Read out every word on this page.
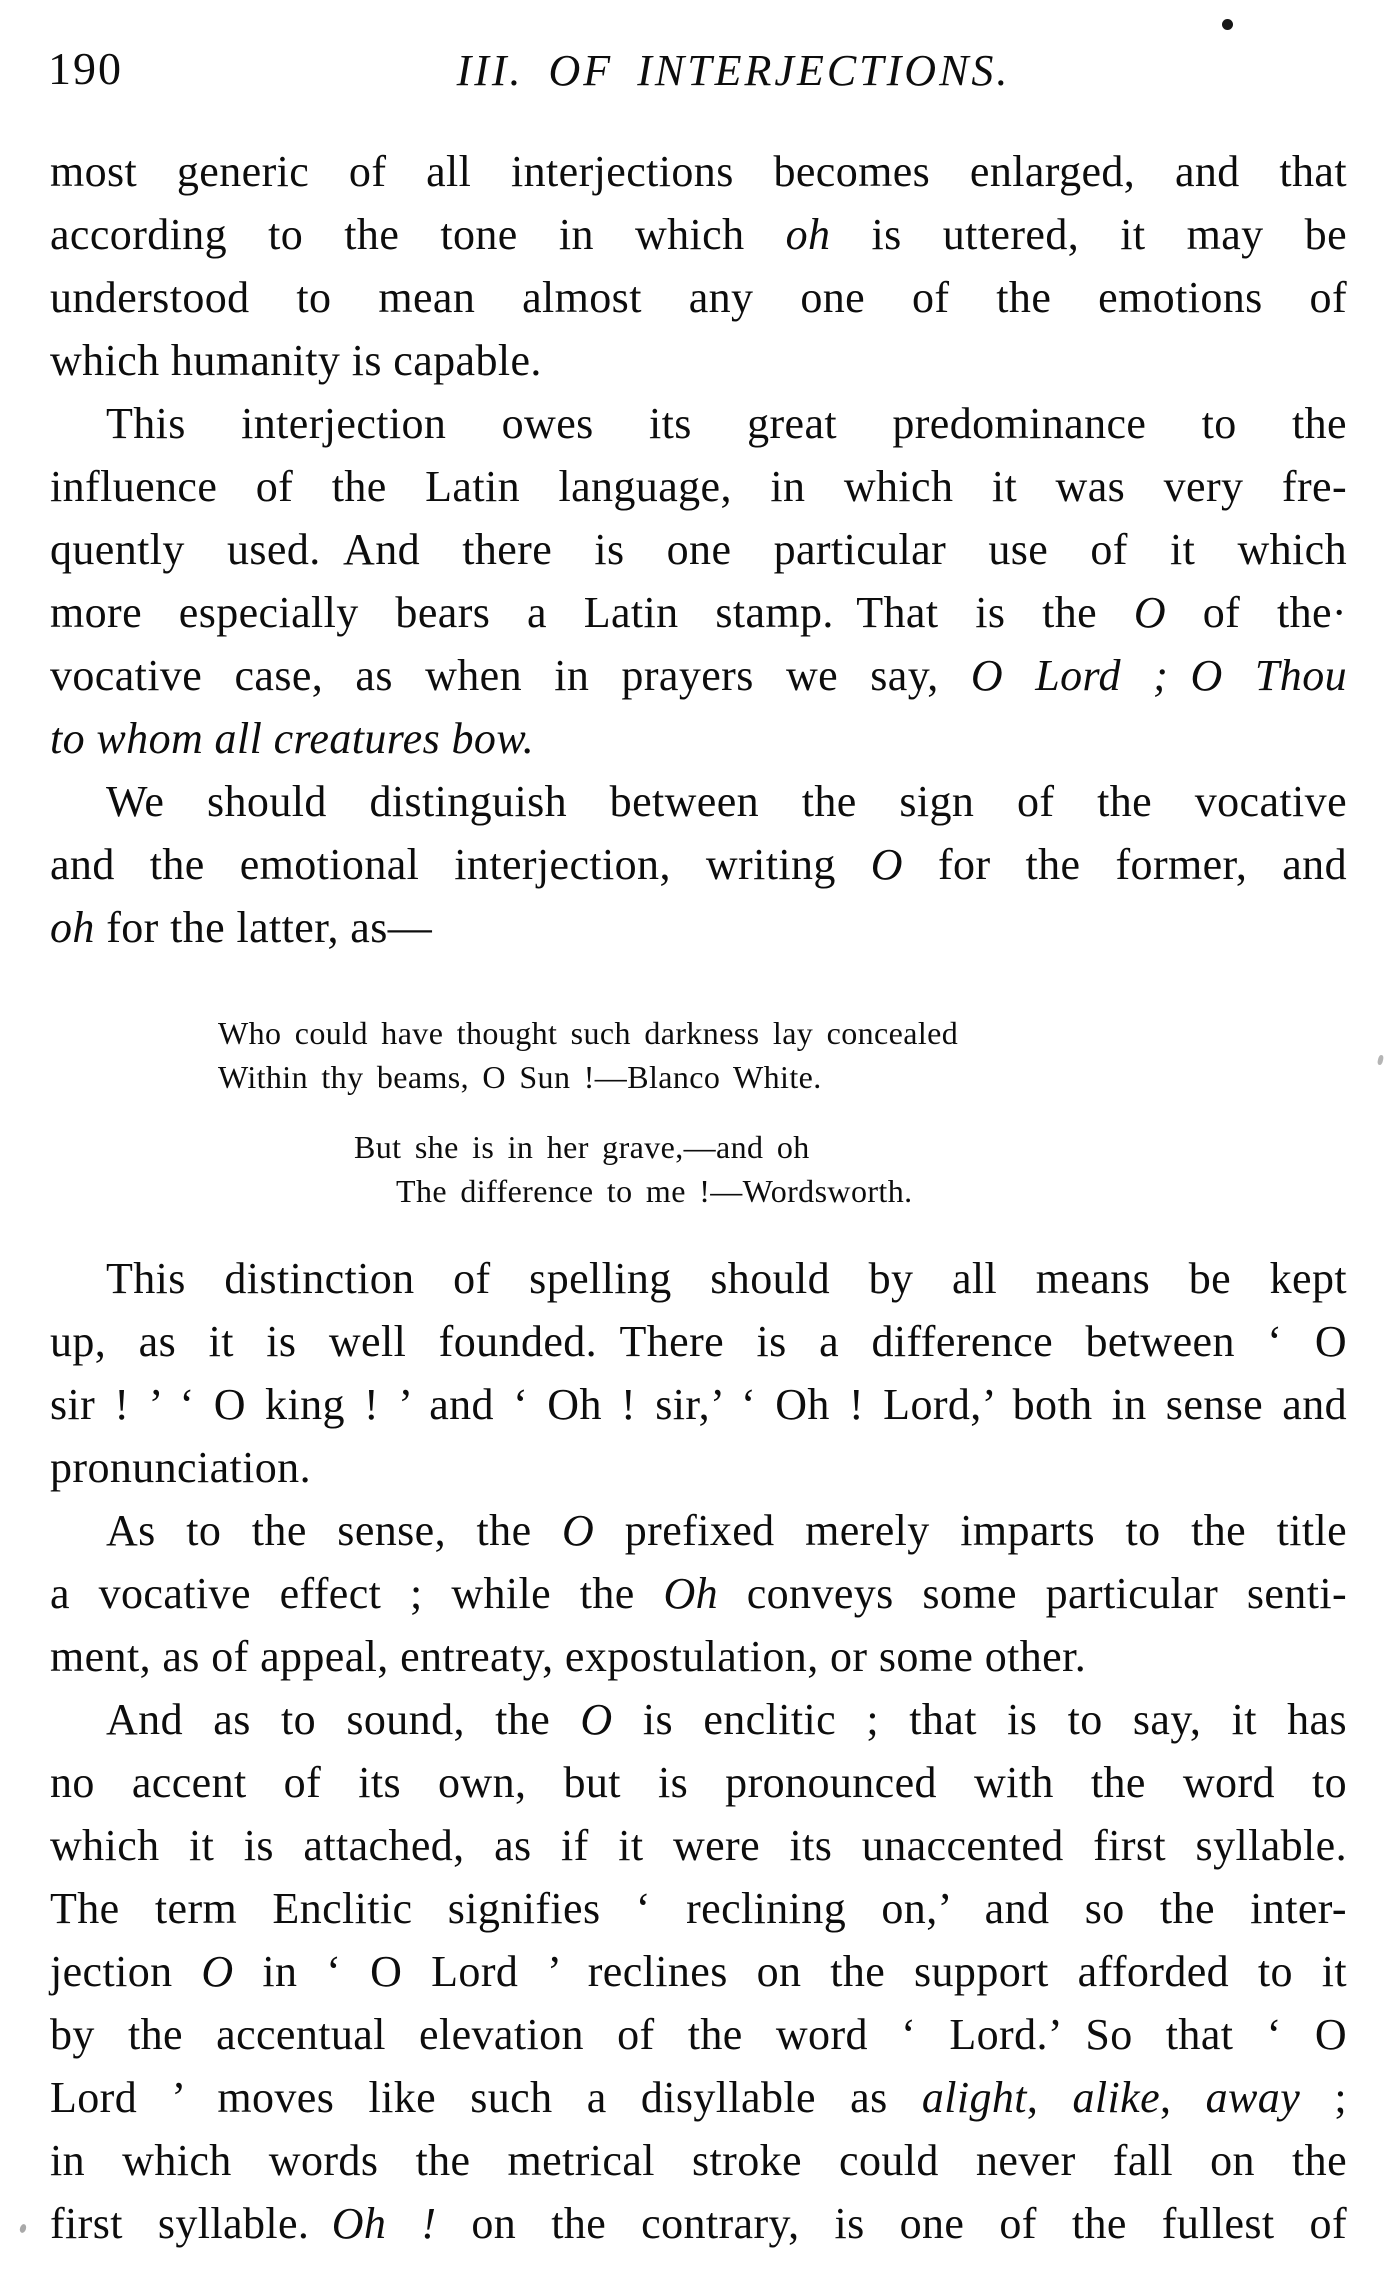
190	III. OF INTERJECTIONS.
most generic of all interjections becomes enlarged, and that
according to the tone in which oh is uttered, it may be
understood to mean almost any one of the emotions of
which humanity is capable.
This interjection owes its great predominance to the
influence of the Latin language, in which it was very fre-
quently used. And there is one particular use of it which
more especially bears a Latin stamp. That is the O of the·
vocative case, as when in prayers we say, O Lord ; O Thou
to whom all creatures bow.
We should distinguish between the sign of the vocative
and the emotional interjection, writing O for the former, and
oh for the latter, as—
Who could have thought such darkness lay concealed
Within thy beams, O Sun !—Blanco White.
But she is in her grave,—and oh
The difference to me !—Wordsworth.
This distinction of spelling should by all means be kept
up, as it is well founded. There is a difference between ‘ O
sir ! ’ ‘ O king ! ’ and ‘ Oh ! sir,’ ‘ Oh ! Lord,’ both in sense and
pronunciation.
As to the sense, the O prefixed merely imparts to the title
a vocative effect ; while the Oh conveys some particular senti-
ment, as of appeal, entreaty, expostulation, or some other.
And as to sound, the O is enclitic ; that is to say, it has
no accent of its own, but is pronounced with the word to
which it is attached, as if it were its unaccented first syllable.
The term Enclitic signifies ‘ reclining on,’ and so the inter-
jection O in ‘ O Lord ’ reclines on the support afforded to it
by the accentual elevation of the word ‘ Lord.’ So that ‘ O
Lord ’ moves like such a disyllable as alight, alike, away ;
in which words the metrical stroke could never fall on the
first syllable. Oh ! on the contrary, is one of the fullest of
